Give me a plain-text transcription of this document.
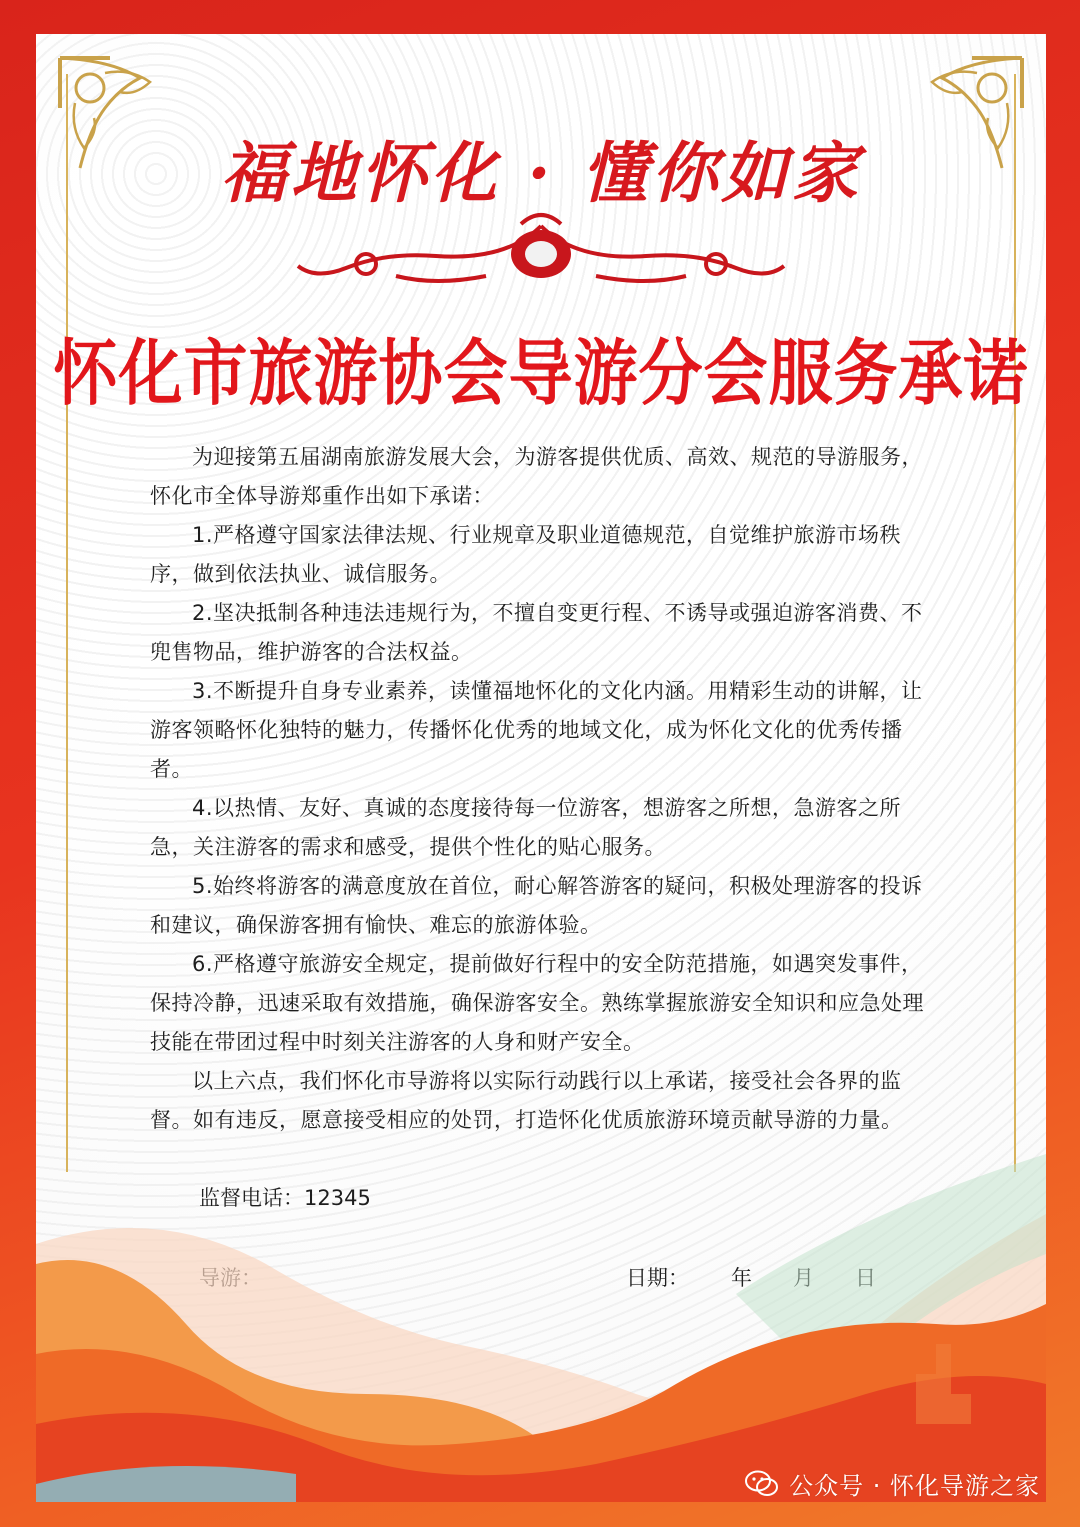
福地怀化 · 懂你如家
怀化市旅游协会导游分会服务承诺

为迎接第五届湖南旅游发展大会，为游客提供优质、高效、规范的导游服务，怀化市全体导游郑重作出如下承诺：

1.严格遵守国家法律法规、行业规章及职业道德规范，自觉维护旅游市场秩序，做到依法执业、诚信服务。

2.坚决抵制各种违法违规行为，不擅自变更行程、不诱导或强迫游客消费、不兜售物品，维护游客的合法权益。

3.不断提升自身专业素养，读懂福地怀化的文化内涵。用精彩生动的讲解，让游客领略怀化独特的魅力，传播怀化优秀的地域文化，成为怀化文化的优秀传播者。

4.以热情、友好、真诚的态度接待每一位游客，想游客之所想，急游客之所急，关注游客的需求和感受，提供个性化的贴心服务。

5.始终将游客的满意度放在首位，耐心解答游客的疑问，积极处理游客的投诉和建议，确保游客拥有愉快、难忘的旅游体验。

6.严格遵守旅游安全规定，提前做好行程中的安全防范措施，如遇突发事件，保持冷静，迅速采取有效措施，确保游客安全。熟练掌握旅游安全知识和应急处理技能在带团过程中时刻关注游客的人身和财产安全。

以上六点，我们怀化市导游将以实际行动践行以上承诺，接受社会各界的监督。如有违反，愿意接受相应的处罚，打造怀化优质旅游环境贡献导游的力量。

监督电话：12345
日期： 年
公众号 · 怀化导游之家
